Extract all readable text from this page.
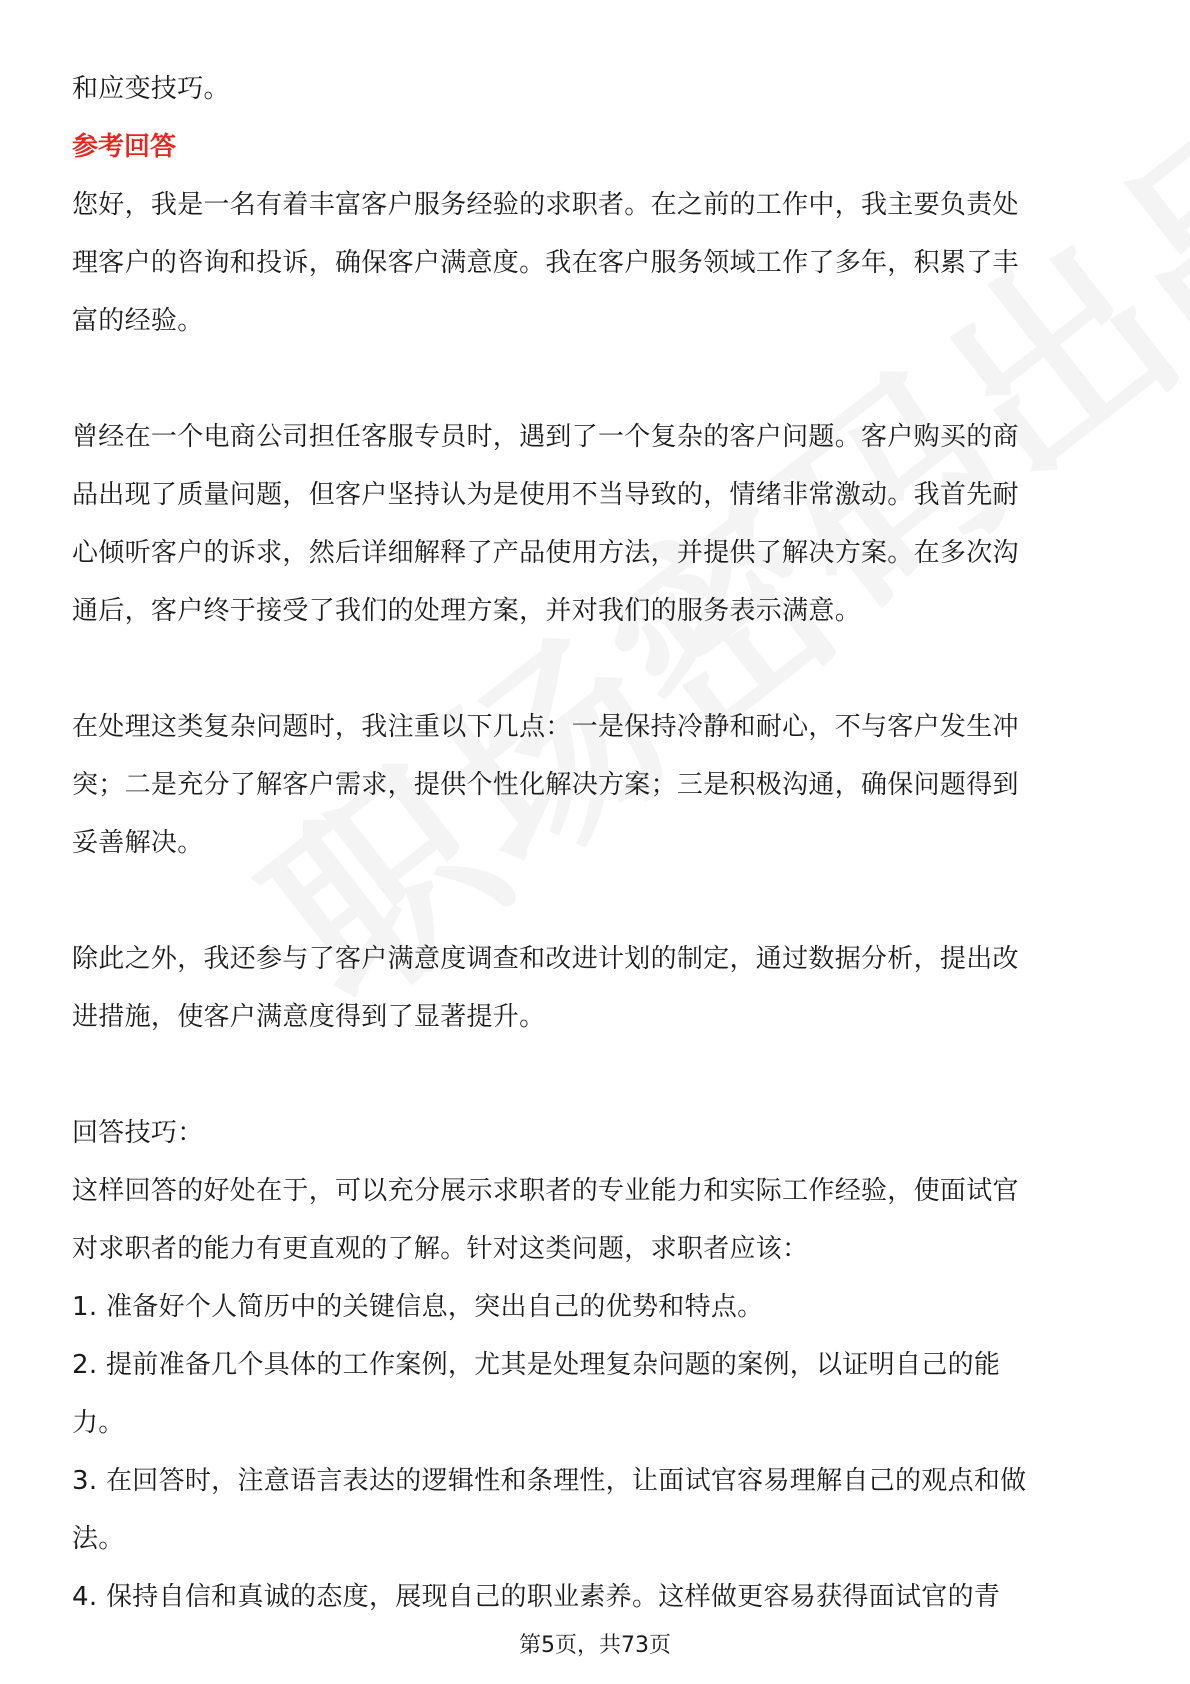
和应变技巧。
参考回答
您好，我是一名有着丰富客户服务经验的求职者。在之前的工作中，我主要负责处
理客户的咨询和投诉，确保客户满意度。我在客户服务领域工作了多年，积累了丰
富的经验。
曾经在一个电商公司担任客服专员时，遇到了一个复杂的客户问题。客户购买的商
品出现了质量问题，但客户坚持认为是使用不当导致的，情绪非常激动。我首先耐
心倾听客户的诉求，然后详细解释了产品使用方法，并提供了解决方案。在多次沟
通后，客户终于接受了我们的处理方案，并对我们的服务表示满意。
在处理这类复杂问题时，我注重以下几点：一是保持冷静和耐心，不与客户发生冲
突；二是充分了解客户需求，提供个性化解决方案；三是积极沟通，确保问题得到
妥善解决。
除此之外，我还参与了客户满意度调查和改进计划的制定，通过数据分析，提出改
进措施，使客户满意度得到了显著提升。
回答技巧：
这样回答的好处在于，可以充分展示求职者的专业能力和实际工作经验，使面试官
对求职者的能力有更直观的了解。针对这类问题，求职者应该：
1. 准备好个人简历中的关键信息，突出自己的优势和特点。
2. 提前准备几个具体的工作案例，尤其是处理复杂问题的案例，以证明自己的能
力。
3. 在回答时，注意语言表达的逻辑性和条理性，让面试官容易理解自己的观点和做
法。
4. 保持自信和真诚的态度，展现自己的职业素养。这样做更容易获得面试官的青
第5页，共73页
